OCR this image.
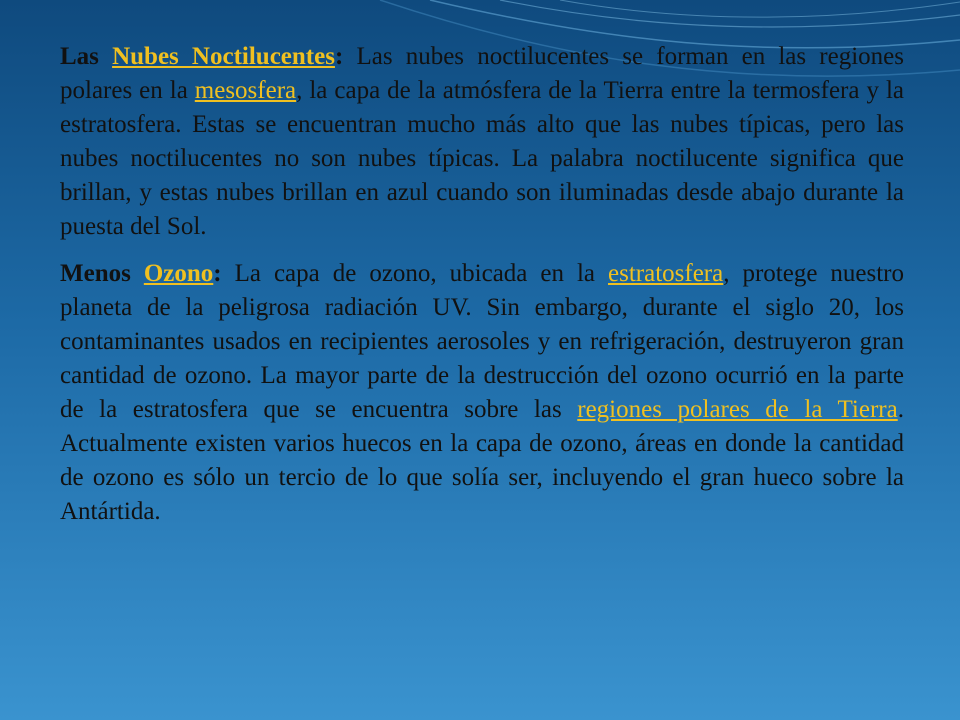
Las Nubes Noctilucentes: Las nubes noctilucentes se forman en las regiones polares en la mesosfera, la capa de la atmósfera de la Tierra entre la termosfera y la estratosfera. Estas se encuentran mucho más alto que las nubes típicas, pero las nubes noctilucentes no son nubes típicas. La palabra noctilucente significa que brillan, y estas nubes brillan en azul cuando son iluminadas desde abajo durante la puesta del Sol.

Menos Ozono: La capa de ozono, ubicada en la estratosfera, protege nuestro planeta de la peligrosa radiación UV. Sin embargo, durante el siglo 20, los contaminantes usados en recipientes aerosoles y en refrigeración, destruyeron gran cantidad de ozono. La mayor parte de la destrucción del ozono ocurrió en la parte de la estratosfera que se encuentra sobre las regiones polares de la Tierra. Actualmente existen varios huecos en la capa de ozono, áreas en donde la cantidad de ozono es sólo un tercio de lo que solía ser, incluyendo el gran hueco sobre la Antártida.
